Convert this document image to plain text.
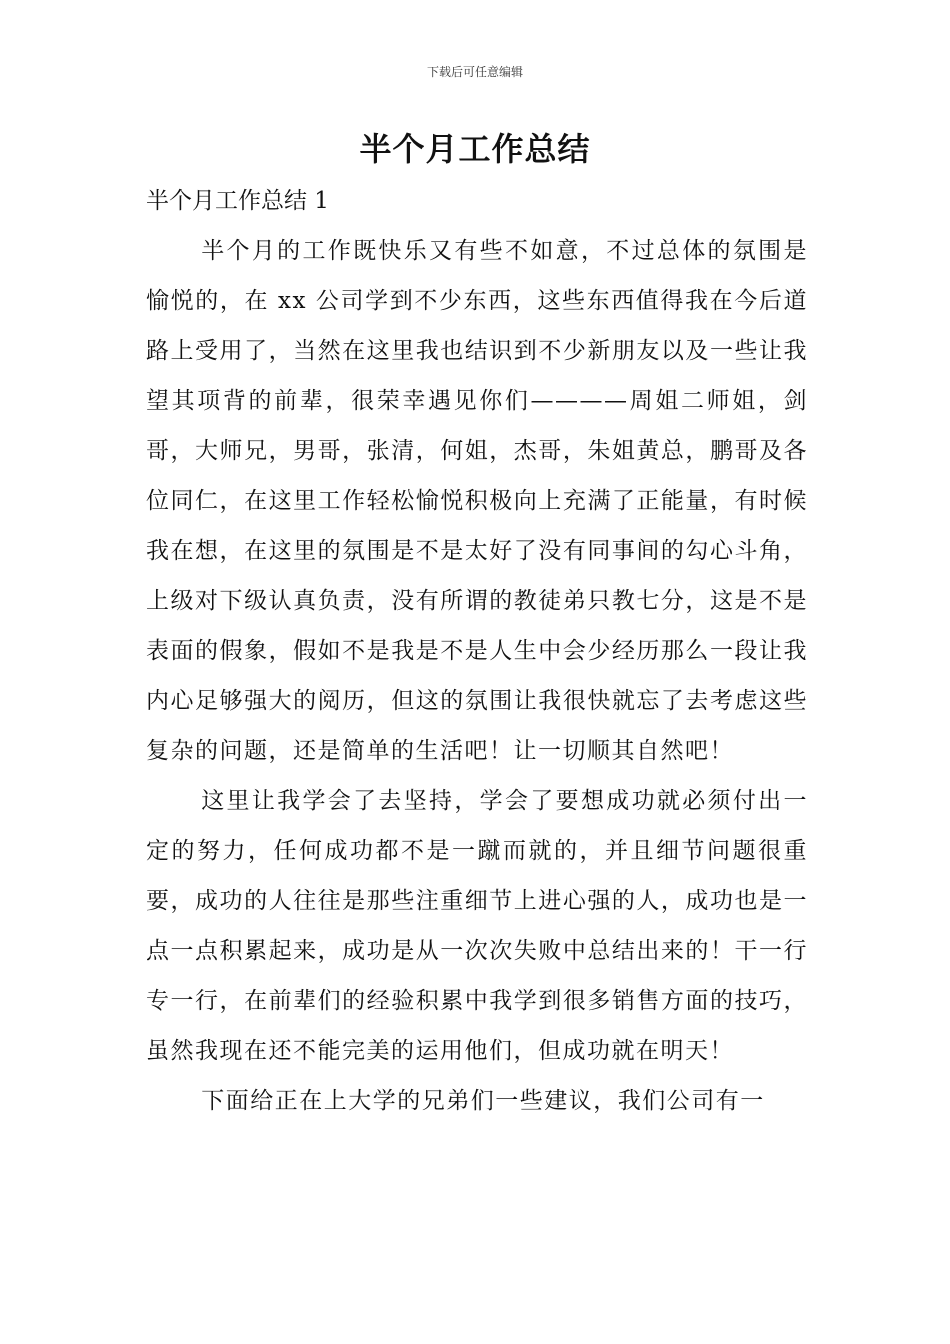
下载后可任意编辑
半个月工作总结
半个月工作总结 1

半个月的工作既快乐又有些不如意，不过总体的氛围是愉悦的，在 xx 公司学到不少东西，这些东西值得我在今后道路上受用了，当然在这里我也结识到不少新朋友以及一些让我望其项背的前辈，很荣幸遇见你们————周姐二师姐，剑哥，大师兄，男哥，张清，何姐，杰哥，朱姐黄总，鹏哥及各位同仁，在这里工作轻松愉悦积极向上充满了正能量，有时候我在想，在这里的氛围是不是太好了没有同事间的勾心斗角，上级对下级认真负责，没有所谓的教徒弟只教七分，这是不是表面的假象，假如不是我是不是人生中会少经历那么一段让我内心足够强大的阅历，但这的氛围让我很快就忘了去考虑这些复杂的问题，还是简单的生活吧！让一切顺其自然吧！

这里让我学会了去坚持，学会了要想成功就必须付出一定的努力，任何成功都不是一蹴而就的，并且细节问题很重要，成功的人往往是那些注重细节上进心强的人，成功也是一点一点积累起来，成功是从一次次失败中总结出来的！干一行专一行，在前辈们的经验积累中我学到很多销售方面的技巧，虽然我现在还不能完美的运用他们，但成功就在明天！

下面给正在上大学的兄弟们一些建议，我们公司有一
